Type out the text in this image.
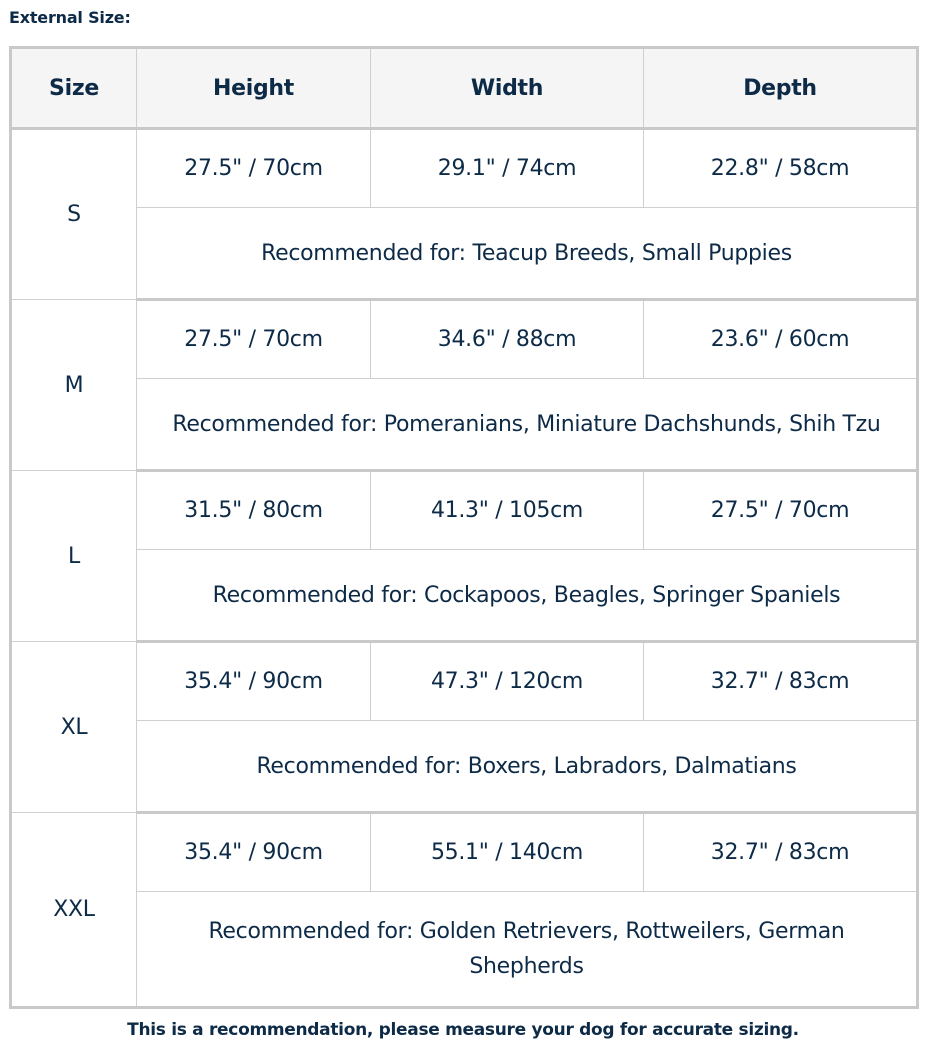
External Size:
Size	Height	Width	Depth
S	27.5" / 70cm	29.1" / 74cm	22.8" / 58cm
	Recommended for: Teacup Breeds, Small Puppies		
M	27.5" / 70cm	34.6" / 88cm	23.6" / 60cm
	Recommended for: Pomeranians, Miniature Dachshunds, Shih Tzu		
L	31.5" / 80cm	41.3" / 105cm	27.5" / 70cm
	Recommended for: Cockapoos, Beagles, Springer Spaniels		
XL	35.4" / 90cm	47.3" / 120cm	32.7" / 83cm
	Recommended for: Boxers, Labradors, Dalmatians		
XXL	35.4" / 90cm	55.1" / 140cm	32.7" / 83cm
	Recommended for: Golden Retrievers, Rottweilers, German Shepherds		
This is a recommendation, please measure your dog for accurate sizing.
